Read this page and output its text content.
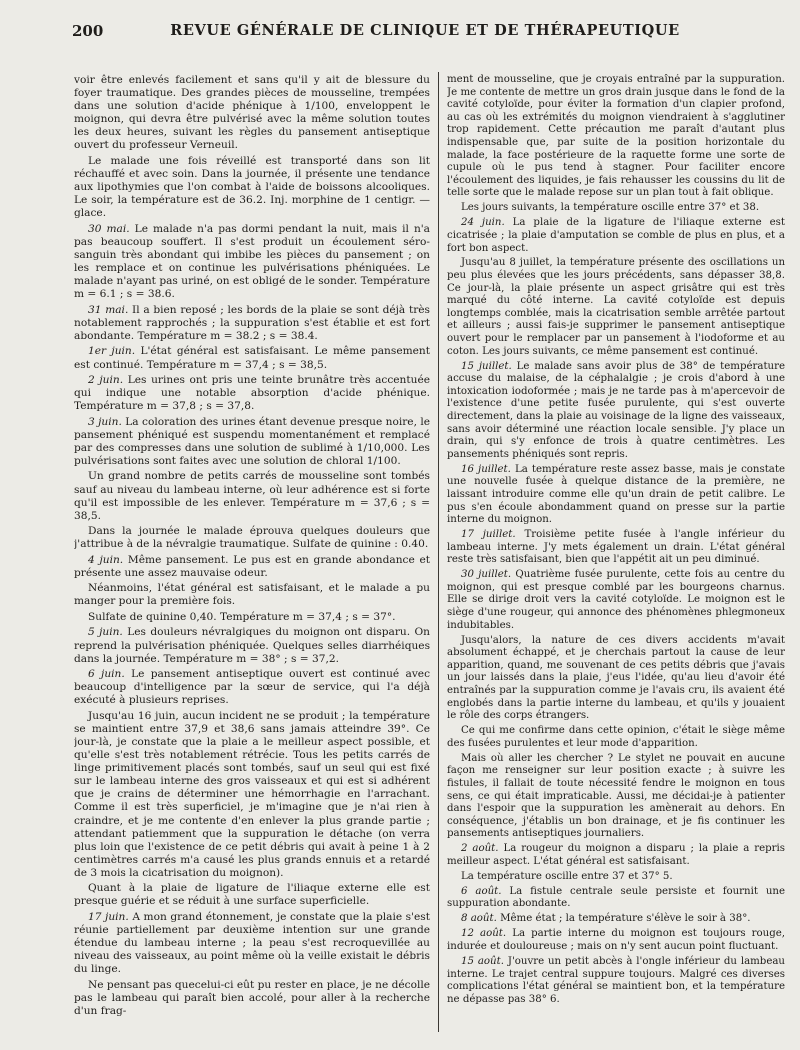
200	REVUE GÉNÉRALE DE CLINIQUE ET DE THÉRAPEUTIQUE

voir être enlevés facilement et sans qu'il y ait de blessure du foyer traumatique. Des grandes pièces de mousseline, trempées dans une solution d'acide phénique à 1/100, enveloppent le moignon, qui devra être pulvérisé avec la même solution toutes les deux heures, suivant les règles du pansement antiseptique ouvert du professeur Verneuil.

Le malade une fois réveillé est transporté dans son lit réchauffé et avec soin. Dans la journée, il présente une tendance aux lipothymies que l'on combat à l'aide de boissons alcooliques. Le soir, la température est de 36.2. Inj. morphine de 1 centigr. — glace.

30 mai. Le malade n'a pas dormi pendant la nuit, mais il n'a pas beaucoup souffert. Il s'est produit un écoulement séro-sanguin très abondant qui imbibe les pièces du pansement ; on les remplace et on continue les pulvérisations phéniquées. Le malade n'ayant pas uriné, on est obligé de le sonder. Température m = 6.1 ; s = 38.6.

31 mai. Il a bien reposé ; les bords de la plaie se sont déjà très notablement rapprochés ; la suppuration s'est établie et est fort abondante. Température m = 38.2 ; s = 38.4.

1er juin. L'état général est satisfaisant. Le même pansement est continué. Température m = 37,4 ; s = 38,5.

2 juin. Les urines ont pris une teinte brunâtre très accentuée qui indique une notable absorption d'acide phénique. Température m = 37,8 ; s = 37,8.

3 juin. La coloration des urines étant devenue presque noire, le pansement phéniqué est suspendu momentanément et remplacé par des compresses dans une solution de sublimé à 1/10,000. Les pulvérisations sont faites avec une solution de chloral 1/100.

Un grand nombre de petits carrés de mousseline sont tombés sauf au niveau du lambeau interne, où leur adhérence est si forte qu'il est impossible de les enlever. Température m = 37,6 ; s = 38,5.

Dans la journée le malade éprouva quelques douleurs que j'attribue à de la névralgie traumatique. Sulfate de quinine : 0.40.

4 juin. Même pansement. Le pus est en grande abondance et présente une assez mauvaise odeur.

Néanmoins, l'état général est satisfaisant, et le malade a pu manger pour la première fois.

Sulfate de quinine 0,40. Température m = 37,4 ; s = 37°.

5 juin. Les douleurs névralgiques du moignon ont disparu. On reprend la pulvérisation phéniquée. Quelques selles diarrhéiques dans la journée. Température m = 38° ; s = 37,2.

6 juin. Le pansement antiseptique ouvert est continué avec beaucoup d'intelligence par la sœur de service, qui l'a déjà exécuté à plusieurs reprises.

Jusqu'au 16 juin, aucun incident ne se produit ; la température se maintient entre 37,9 et 38,6 sans jamais atteindre 39°. Ce jour-là, je constate que la plaie a le meilleur aspect possible, et qu'elle s'est très notablement rétrécie. Tous les petits carrés de linge primitivement placés sont tombés, sauf un seul qui est fixé sur le lambeau interne des gros vaisseaux et qui est si adhérent que je crains de déterminer une hémorrhagie en l'arrachant. Comme il est très superficiel, je m'imagine que je n'ai rien à craindre, et je me contente d'en enlever la plus grande partie ; attendant patiemment que la suppuration le détache (on verra plus loin que l'existence de ce petit débris qui avait à peine 1 à 2 centimètres carrés m'a causé les plus grands ennuis et a retardé de 3 mois la cicatrisation du moignon).

Quant à la plaie de ligature de l'iliaque externe elle est presque guérie et se réduit à une surface superficielle.

17 juin. A mon grand étonnement, je constate que la plaie s'est réunie partiellement par deuxième intention sur une grande étendue du lambeau interne ; la peau s'est recroquevillée au niveau des vaisseaux, au point même où la veille existait le débris du linge.

Ne pensant pas quecelui-ci eût pu rester en place, je ne décolle pas le lambeau qui paraît bien accolé, pour aller à la recherche d'un frag-

ment de mousseline, que je croyais entraîné par la suppuration. Je me contente de mettre un gros drain jusque dans le fond de la cavité cotyloïde, pour éviter la formation d'un clapier profond, au cas où les extrémités du moignon viendraient à s'agglutiner trop rapidement. Cette précaution me paraît d'autant plus indispensable que, par suite de la position horizontale du malade, la face postérieure de la raquette forme une sorte de cupule où le pus tend à stagner. Pour faciliter encore l'écoulement des liquides, je fais rehausser les coussins du lit de telle sorte que le malade repose sur un plan tout à fait oblique.

Les jours suivants, la température oscille entre 37° et 38.

24 juin. La plaie de la ligature de l'iliaque externe est cicatrisée ; la plaie d'amputation se comble de plus en plus, et a fort bon aspect.

Jusqu'au 8 juillet, la température présente des oscillations un peu plus élevées que les jours précédents, sans dépasser 38,8. Ce jour-là, la plaie présente un aspect grisâtre qui est très marqué du côté interne. La cavité cotyloïde est depuis longtemps comblée, mais la cicatrisation semble arrêtée partout et ailleurs ; aussi fais-je supprimer le pansement antiseptique ouvert pour le remplacer par un pansement à l'iodoforme et au coton. Les jours suivants, ce même pansement est continué.

15 juillet. Le malade sans avoir plus de 38° de température accuse du malaise, de la céphalalgie ; je crois d'abord à une intoxication iodoformée ; mais je ne tarde pas à m'apercevoir de l'existence d'une petite fusée purulente, qui s'est ouverte directement, dans la plaie au voisinage de la ligne des vaisseaux, sans avoir déterminé une réaction locale sensible. J'y place un drain, qui s'y enfonce de trois à quatre centimètres. Les pansements phéniqués sont repris.

16 juillet. La température reste assez basse, mais je constate une nouvelle fusée à quelque distance de la première, ne laissant introduire comme elle qu'un drain de petit calibre. Le pus s'en écoule abondamment quand on presse sur la partie interne du moignon.

17 juillet. Troisième petite fusée à l'angle inférieur du lambeau interne. J'y mets également un drain. L'état général reste très satisfaisant, bien que l'appétit ait un peu diminué.

30 juillet. Quatrième fusée purulente, cette fois au centre du moignon, qui est presque comblé par les bourgeons charnus. Elle se dirige droit vers la cavité cotyloïde. Le moignon est le siège d'une rougeur, qui annonce des phénomènes phlegmoneux indubitables.

Jusqu'alors, la nature de ces divers accidents m'avait absolument échappé, et je cherchais partout la cause de leur apparition, quand, me souvenant de ces petits débris que j'avais un jour laissés dans la plaie, j'eus l'idée, qu'au lieu d'avoir été entraînés par la suppuration comme je l'avais cru, ils avaient été englobés dans la partie interne du lambeau, et qu'ils y jouaient le rôle des corps étrangers.

Ce qui me confirme dans cette opinion, c'était le siège même des fusées purulentes et leur mode d'apparition.

Mais où aller les chercher ? Le stylet ne pouvait en aucune façon me renseigner sur leur position exacte ; à suivre les fistules, il fallait de toute nécessité fendre le moignon en tous sens, ce qui était impraticable. Aussi, me décidai-je à patienter dans l'espoir que la suppuration les amènerait au dehors. En conséquence, j'établis un bon drainage, et je fis continuer les pansements antiseptiques journaliers.

2 août. La rougeur du moignon a disparu ; la plaie a repris meilleur aspect. L'état général est satisfaisant.

La température oscille entre 37 et 37° 5.

6 août. La fistule centrale seule persiste et fournit une suppuration abondante.

8 août. Même état ; la température s'élève le soir à 38°.

12 août. La partie interne du moignon est toujours rouge, indurée et douloureuse ; mais on n'y sent aucun point fluctuant.

15 août. J'ouvre un petit abcès à l'ongle inférieur du lambeau interne. Le trajet central suppure toujours. Malgré ces diverses complications l'état général se maintient bon, et la température ne dépasse pas 38° 6.
